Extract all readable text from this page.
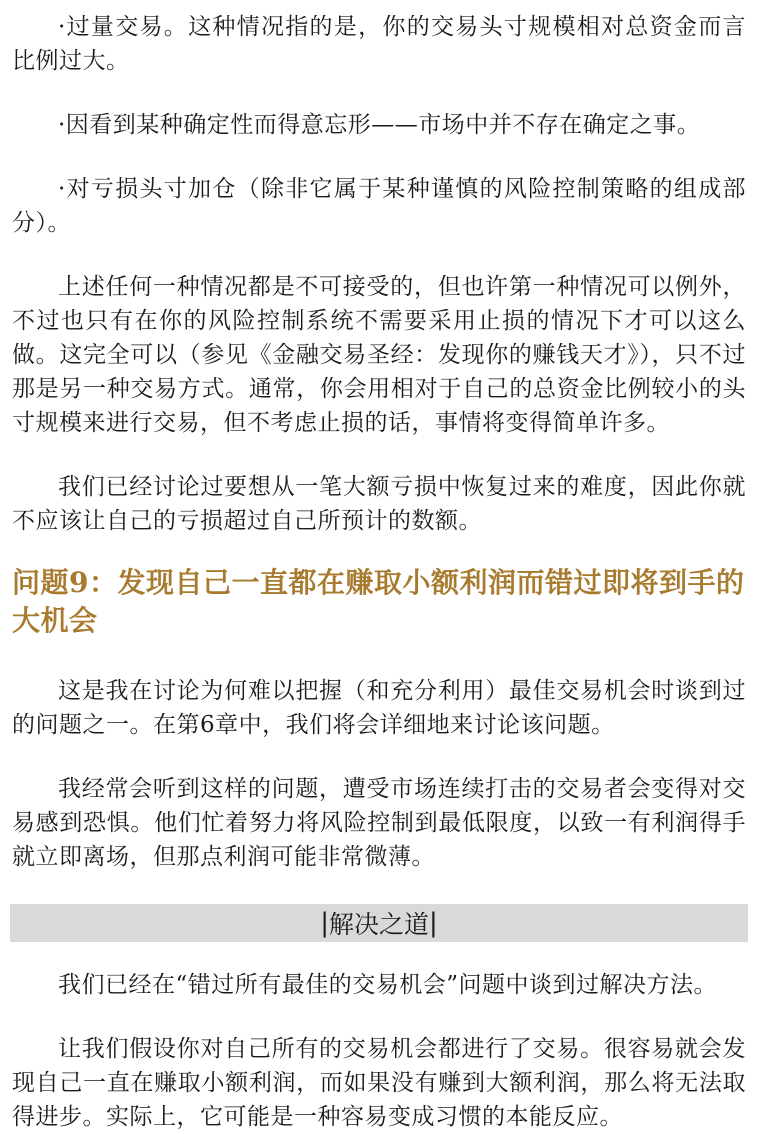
·过量交易。这种情况指的是，你的交易头寸规模相对总资金而言比例过大。

·因看到某种确定性而得意忘形——市场中并不存在确定之事。

·对亏损头寸加仓（除非它属于某种谨慎的风险控制策略的组成部分）。

上述任何一种情况都是不可接受的，但也许第一种情况可以例外，不过也只有在你的风险控制系统不需要采用止损的情况下才可以这么做。这完全可以（参见《金融交易圣经：发现你的赚钱天才》），只不过那是另一种交易方式。通常，你会用相对于自己的总资金比例较小的头寸规模来进行交易，但不考虑止损的话，事情将变得简单许多。

我们已经讨论过要想从一笔大额亏损中恢复过来的难度，因此你就不应该让自己的亏损超过自己所预计的数额。

问题9：发现自己一直都在赚取小额利润而错过即将到手的大机会

这是我在讨论为何难以把握（和充分利用）最佳交易机会时谈到过的问题之一。在第6章中，我们将会详细地来讨论该问题。

我经常会听到这样的问题，遭受市场连续打击的交易者会变得对交易感到恐惧。他们忙着努力将风险控制到最低限度，以致一有利润得手就立即离场，但那点利润可能非常微薄。

| 解决之道 |

我们已经在“错过所有最佳的交易机会”问题中谈到过解决方法。

让我们假设你对自己所有的交易机会都进行了交易。很容易就会发现自己一直在赚取小额利润，而如果没有赚到大额利润，那么将无法取得进步。实际上，它可能是一种容易变成习惯的本能反应。
